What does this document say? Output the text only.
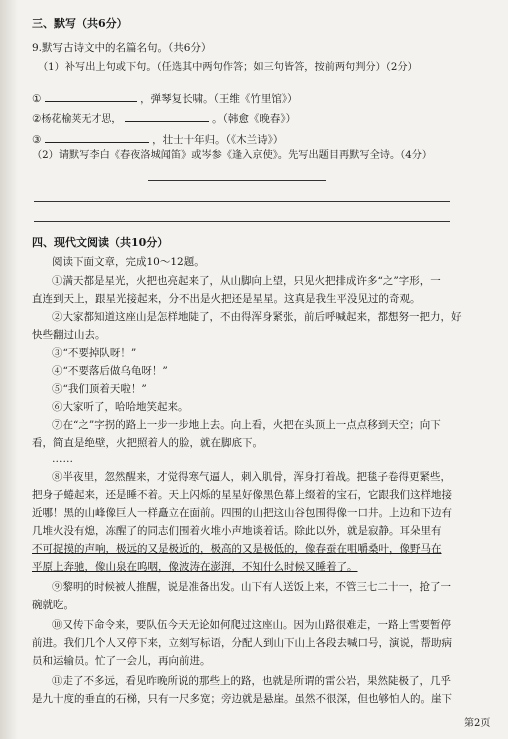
三、默写（共6分）
9.默写古诗文中的名篇名句。（共6分）
（1）补写出上句或下句。（任选其中两句作答；如三句皆答，按前两句判分）（2分）
①	，弹琴复长啸。（王维《竹里馆》）
②杨花榆荚无才思，	。（韩愈《晚春》）
③	，壮士十年归。（《木兰诗》）
（2）请默写李白《春夜洛城闻笛》或岑参《逢入京使》。先写出题目再默写全诗。（4分）
四、现代文阅读（共10分）
阅读下面文章，完成10～12题。
①满天都是星光，火把也亮起来了，从山脚向上望，只见火把排成许多“之”字形，一
直连到天上，跟星光接起来，分不出是火把还是星星。这真是我生平没见过的奇观。
②大家都知道这座山是怎样地陡了，不由得浑身紧张，前后呼喊起来，都想努一把力，好
快些翻过山去。
③“不要掉队呀！”
④“不要落后做乌龟呀！”
⑤“我们顶着天啦！”
⑥大家听了，哈哈地笑起来。
⑦在“之”字拐的路上一步一步地上去。向上看，火把在头顶上一点点移到天空；向下
看，简直是绝壁，火把照着人的脸，就在脚底下。
……
⑧半夜里，忽然醒来，才觉得寒气逼人，刺入肌骨，浑身打着战。把毯子卷得更紧些，
把身子蜷起来，还是睡不着。天上闪烁的星星好像黑色幕上缀着的宝石，它跟我们这样地接
近哪！黑的山峰像巨人一样矗立在面前。四围的山把这山谷包围得像一口井。上边和下边有
几堆火没有熄，冻醒了的同志们围着火堆小声地谈着话。除此以外，就是寂静。耳朵里有
不可捉摸的声响，极远的又是极近的，极高的又是极低的，像春蚕在咀嚼桑叶，像野马在
平原上奔驰，像山泉在呜咽，像波涛在澎湃，不知什么时候又睡着了。
⑨黎明的时候被人推醒，说是准备出发。山下有人送饭上来，不管三七二十一，抢了一
碗就吃。
⑩又传下命令来，要队伍今天无论如何爬过这座山。因为山路很难走，一路上雪要暂停
前进。我们几个人又停下来，立刻写标语，分配人到山下山上各段去喊口号，演说，帮助病
员和运输员。忙了一会儿，再向前进。
⑪走了不多远，看见昨晚所说的那些上的路，也就是所谓的雷公岩，果然陡极了，几乎
是九十度的垂直的石梯，只有一尺多宽；旁边就是悬崖。虽然不很深，但也够怕人的。崖下
第2页
